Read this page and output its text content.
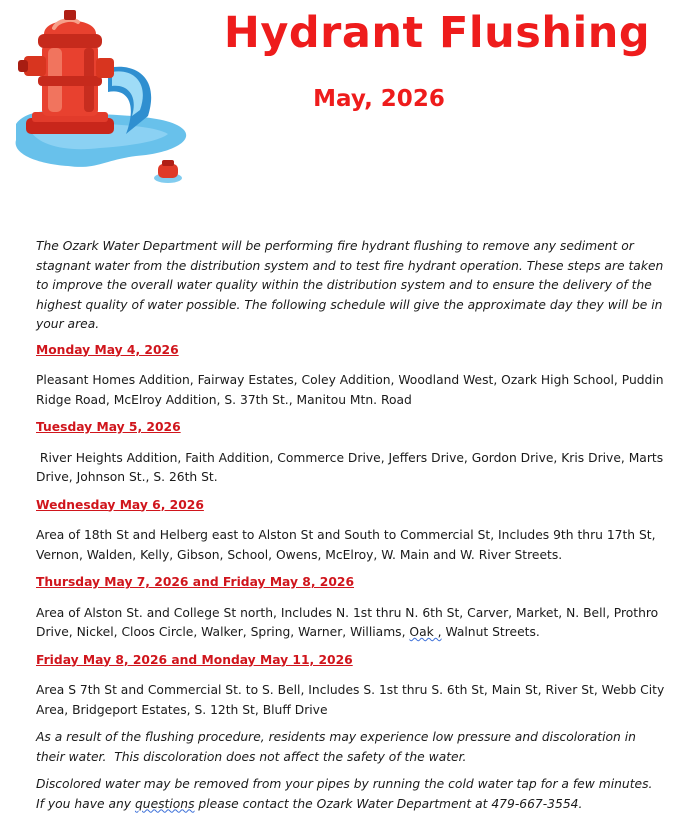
Hydrant Flushing
May, 2026

The Ozark Water Department will be performing fire hydrant flushing to remove any sediment or stagnant water from the distribution system and to test fire hydrant operation. These steps are taken to improve the overall water quality within the distribution system and to ensure the delivery of the highest quality of water possible. The following schedule will give the approximate day they will be in your area.

Monday May 4, 2026

Pleasant Homes Addition, Fairway Estates, Coley Addition, Woodland West, Ozark High School, Puddin Ridge Road, McElroy Addition, S. 37th St., Manitou Mtn. Road

Tuesday May 5, 2026

River Heights Addition, Faith Addition, Commerce Drive, Jeffers Drive, Gordon Drive, Kris Drive, Marts Drive, Johnson St., S. 26th St.

Wednesday May 6, 2026

Area of 18th St and Helberg east to Alston St and South to Commercial St, Includes 9th thru 17th St, Vernon, Walden, Kelly, Gibson, School, Owens, McElroy, W. Main and W. River Streets.

Thursday May 7, 2026 and Friday May 8, 2026

Area of Alston St. and College St north, Includes N. 1st thru N. 6th St, Carver, Market, N. Bell, Prothro Drive, Nickel, Cloos Circle, Walker, Spring, Warner, Williams, Oak , Walnut Streets.

Friday May 8, 2026 and Monday May 11, 2026

Area S 7th St and Commercial St. to S. Bell, Includes S. 1st thru S. 6th St, Main St, River St, Webb City Area, Bridgeport Estates, S. 12th St, Bluff Drive

As a result of the flushing procedure, residents may experience low pressure and discoloration in their water.  This discoloration does not affect the safety of the water.

Discolored water may be removed from your pipes by running the cold water tap for a few minutes.  If you have any questions please contact the Ozark Water Department at 479-667-3554.
